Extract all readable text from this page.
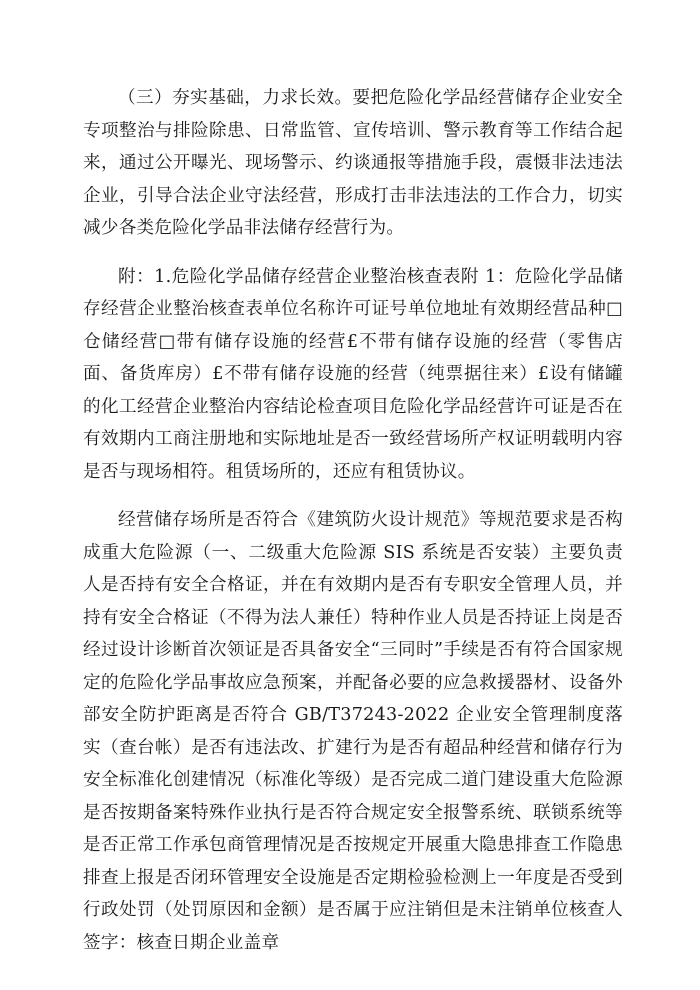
（三）夯实基础，力求长效。要把危险化学品经营储存企业安全专项整治与排险除患、日常监管、宣传培训、警示教育等工作结合起来，通过公开曝光、现场警示、约谈通报等措施手段，震慑非法违法企业，引导合法企业守法经营，形成打击非法违法的工作合力，切实减少各类危险化学品非法储存经营行为。

附：1.危险化学品储存经营企业整治核查表附 1：危险化学品储存经营企业整治核查表单位名称许可证号单位地址有效期经营品种□仓储经营□带有储存设施的经营£不带有储存设施的经营（零售店面、备货库房）£不带有储存设施的经营（纯票据往来）£设有储罐的化工经营企业整治内容结论检查项目危险化学品经营许可证是否在有效期内工商注册地和实际地址是否一致经营场所产权证明载明内容是否与现场相符。租赁场所的，还应有租赁协议。

经营储存场所是否符合《建筑防火设计规范》等规范要求是否构成重大危险源（一、二级重大危险源 SIS 系统是否安装）主要负责人是否持有安全合格证，并在有效期内是否有专职安全管理人员，并持有安全合格证（不得为法人兼任）特种作业人员是否持证上岗是否经过设计诊断首次领证是否具备安全“三同时”手续是否有符合国家规定的危险化学品事故应急预案，并配备必要的应急救援器材、设备外部安全防护距离是否符合 GB/T37243-2022 企业安全管理制度落实（查台帐）是否有违法改、扩建行为是否有超品种经营和储存行为安全标准化创建情况（标准化等级）是否完成二道门建设重大危险源是否按期备案特殊作业执行是否符合规定安全报警系统、联锁系统等是否正常工作承包商管理情况是否按规定开展重大隐患排查工作隐患排查上报是否闭环管理安全设施是否定期检验检测上一年度是否受到行政处罚（处罚原因和金额）是否属于应注销但是未注销单位核查人签字：核查日期企业盖章
